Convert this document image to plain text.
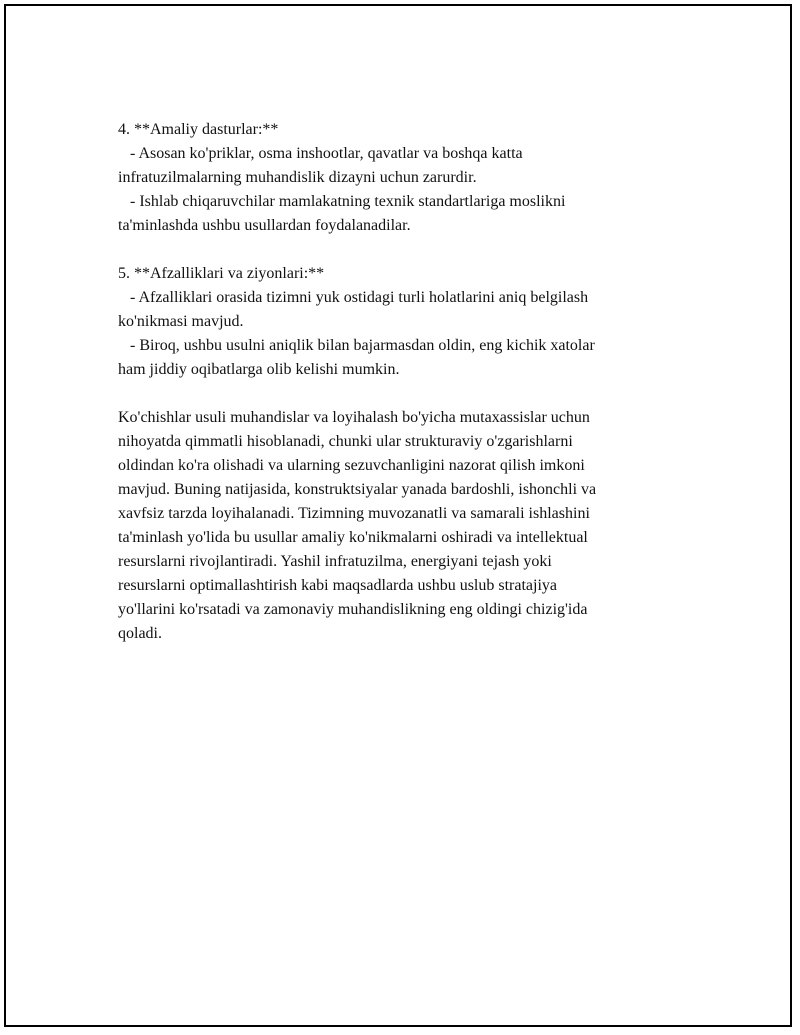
4. **Amaliy dasturlar:**
- Asosan ko'priklar, osma inshootlar, qavatlar va boshqa katta
infratuzilmalarning muhandislik dizayni uchun zarurdir.
- Ishlab chiqaruvchilar mamlakatning texnik standartlariga moslikni
ta'minlashda ushbu usullardan foydalanadilar.
5. **Afzalliklari va ziyonlari:**
- Afzalliklari orasida tizimni yuk ostidagi turli holatlarini aniq belgilash
ko'nikmasi mavjud.
- Biroq, ushbu usulni aniqlik bilan bajarmasdan oldin, eng kichik xatolar
ham jiddiy oqibatlarga olib kelishi mumkin.
Ko'chishlar usuli muhandislar va loyihalash bo'yicha mutaxassislar uchun
nihoyatda qimmatli hisoblanadi, chunki ular strukturaviy o'zgarishlarni
oldindan ko'ra olishadi va ularning sezuvchanligini nazorat qilish imkoni
mavjud. Buning natijasida, konstruktsiyalar yanada bardoshli, ishonchli va
xavfsiz tarzda loyihalanadi. Tizimning muvozanatli va samarali ishlashini
ta'minlash yo'lida bu usullar amaliy ko'nikmalarni oshiradi va intellektual
resurslarni rivojlantiradi. Yashil infratuzilma, energiyani tejash yoki
resurslarni optimallashtirish kabi maqsadlarda ushbu uslub stratajiya
yo'llarini ko'rsatadi va zamonaviy muhandislikning eng oldingi chizig'ida
qoladi.
